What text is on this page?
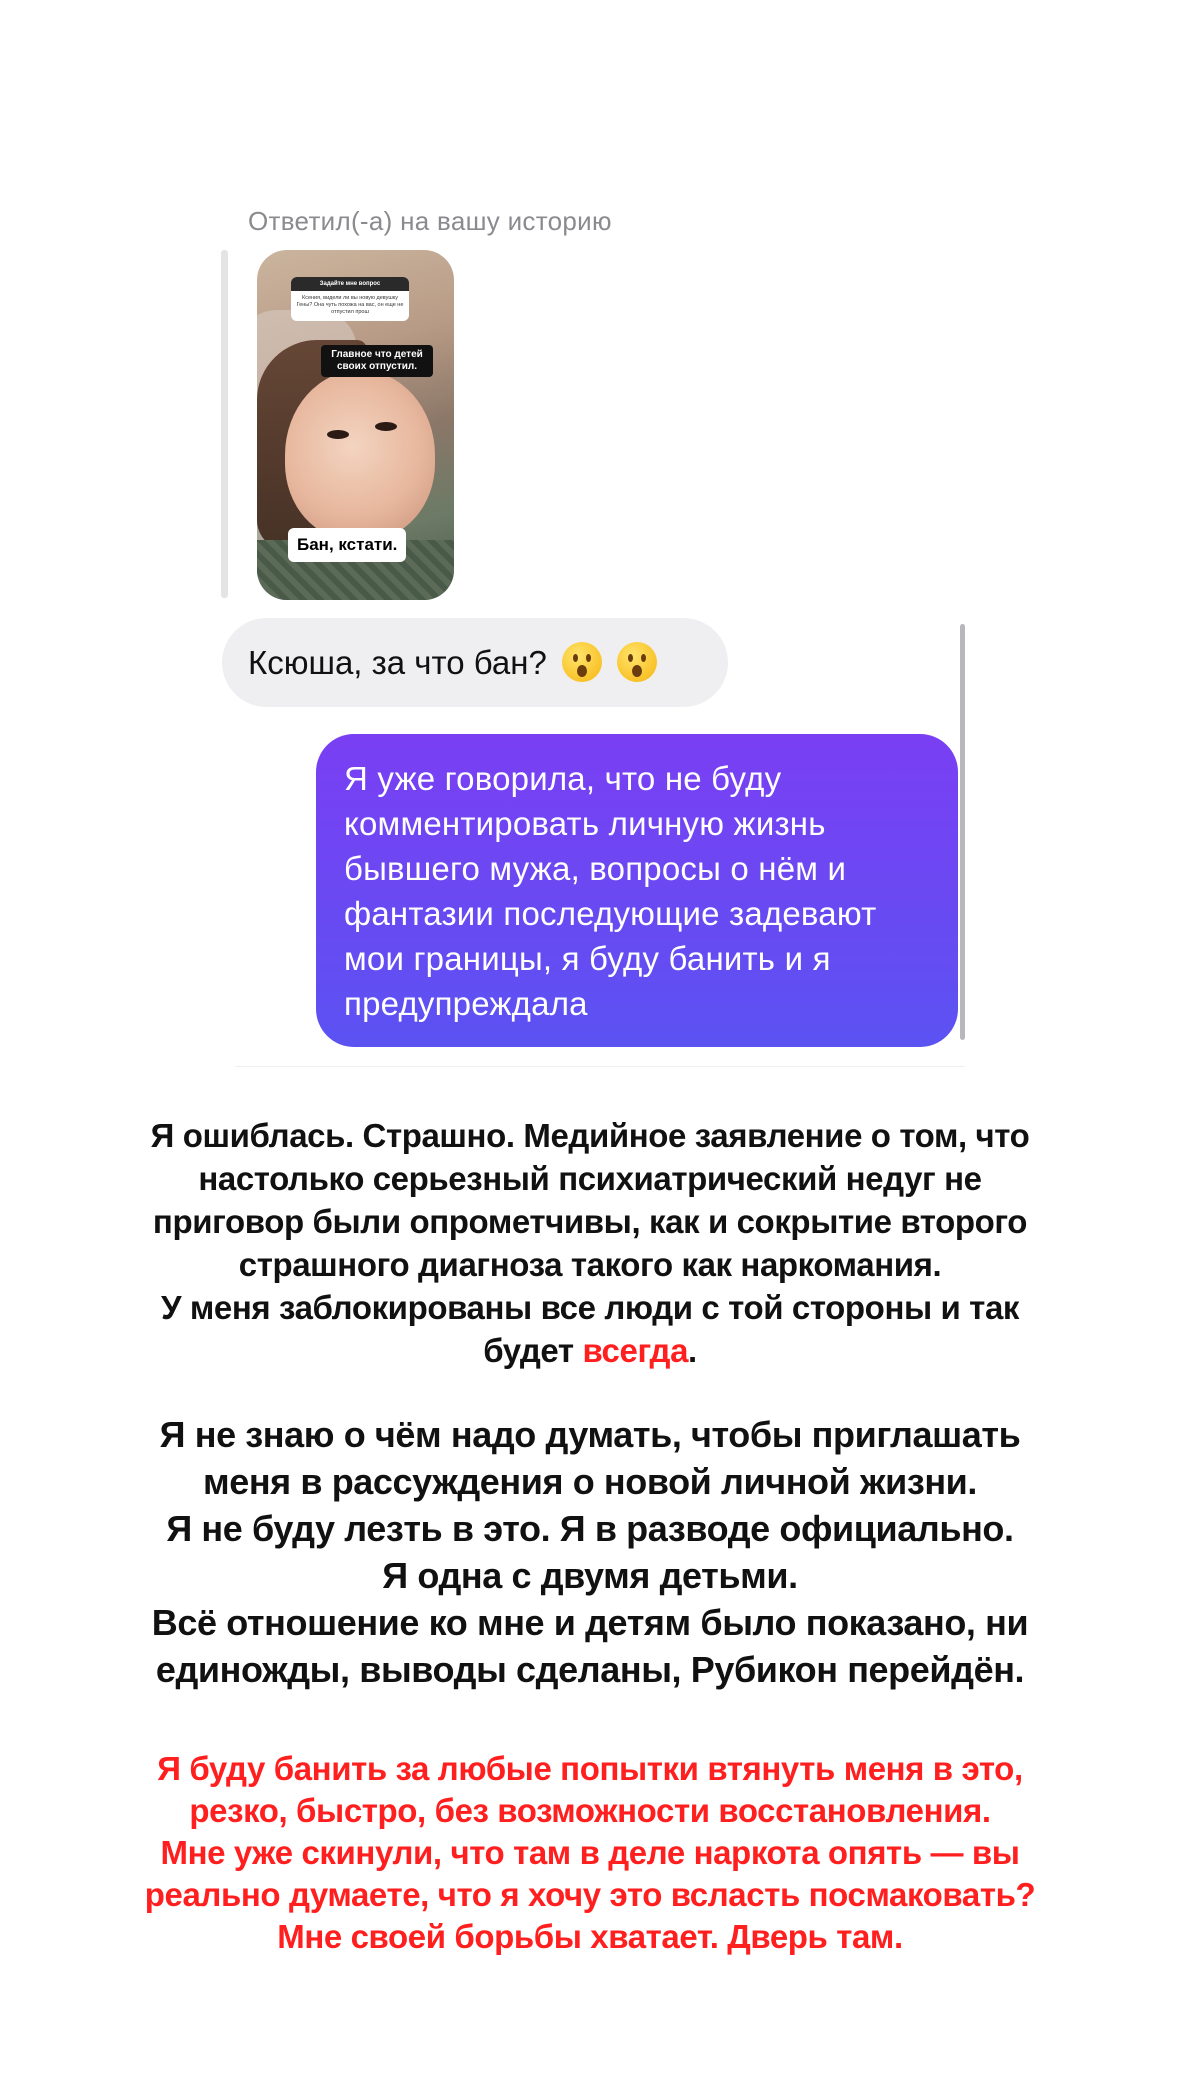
Ответил(-а) на вашу историю
Задайте мне вопрос
Ксения, видели ли вы новую девушку Гены? Она чуть похожа на вас, он еще не отпустил прош
Главное что детей своих отпустил.
Бан, кстати.
Ксюша, за что бан?
Я уже говорила, что не буду комментировать личную жизнь бывшего мужа, вопросы о нём и фантазии последующие задевают мои границы, я буду банить и я предупреждала
Я ошиблась. Страшно. Медийное заявление о том, что
настолько серьезный психиатрический недуг не
приговор были опрометчивы, как и сокрытие второго
страшного диагноза такого как наркомания.
У меня заблокированы все люди с той стороны и так
будет всегда.
Я не знаю о чём надо думать, чтобы приглашать
меня в рассуждения о новой личной жизни.
Я не буду лезть в это. Я в разводе официально.
Я одна с двумя детьми.
Всё отношение ко мне и детям было показано, ни
единожды, выводы сделаны, Рубикон перейдён.
Я буду банить за любые попытки втянуть меня в это,
резко, быстро, без возможности восстановления.
Мне уже скинули, что там в деле наркота опять — вы
реально думаете, что я хочу это всласть посмаковать?
Мне своей борьбы хватает. Дверь там.
